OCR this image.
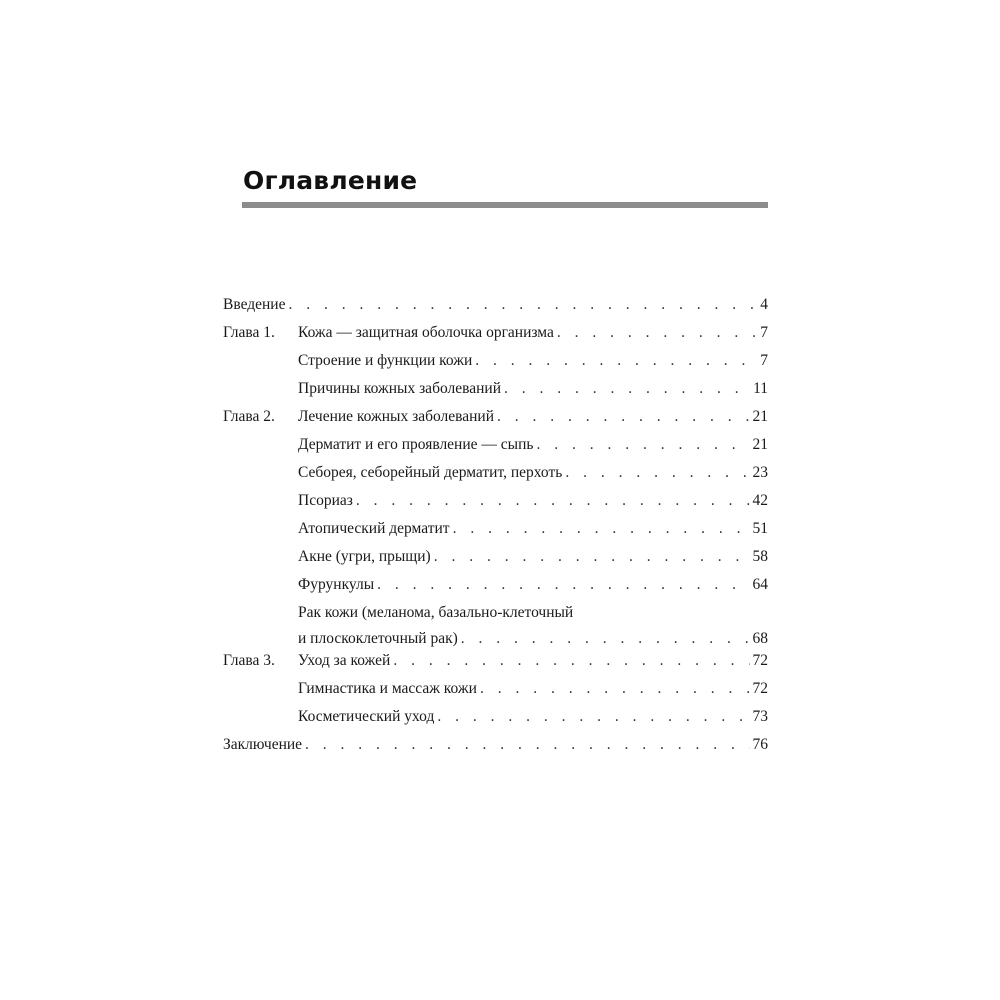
Оглавление
Введение . . .	4
Глава 1. Кожа — защитная оболочка организма . . .	7
Строение и функции кожи . . .	7
Причины кожных заболеваний . . .	11
Глава 2. Лечение кожных заболеваний . . .	21
Дерматит и его проявление — сыпь . . .	21
Себорея, себорейный дерматит, перхоть . . .	23
Псориаз . . .	42
Атопический дерматит . . .	51
Акне (угри, прыщи) . . .	58
Фурункулы . . .	64
Рак кожи (меланома, базально-клеточный
и плоскоклеточный рак) . . .	68
Глава 3. Уход за кожей . . .	72
Гимнастика и массаж кожи . . .	72
Косметический уход . . .	73
Заключение . . .	76
